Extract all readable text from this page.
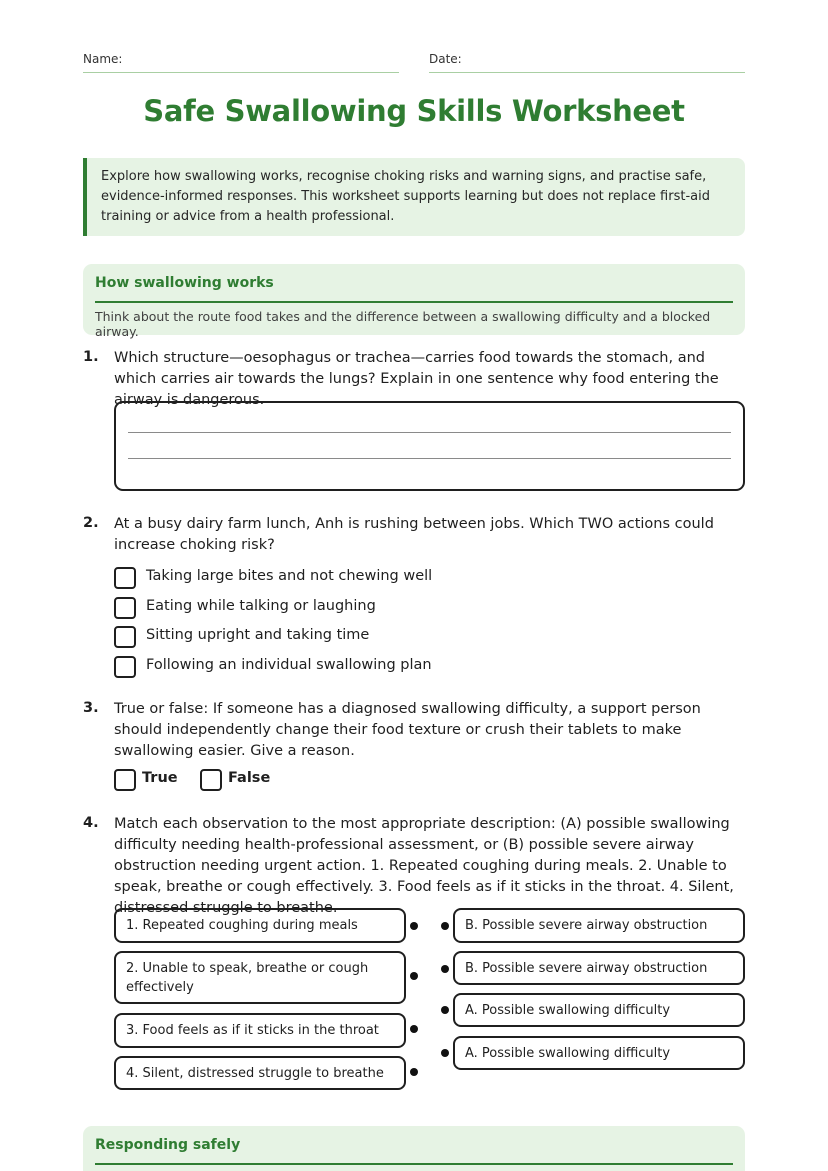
Name:	Date:
Safe Swallowing Skills Worksheet
Explore how swallowing works, recognise choking risks and warning signs, and practise safe, evidence-informed responses. This worksheet supports learning but does not replace first-aid training or advice from a health professional.
How swallowing works
Think about the route food takes and the difference between a swallowing difficulty and a blocked airway.
1. Which structure—oesophagus or trachea—carries food towards the stomach, and which carries air towards the lungs? Explain in one sentence why food entering the airway is dangerous.
2. At a busy dairy farm lunch, Anh is rushing between jobs. Which TWO actions could increase choking risk?
Taking large bites and not chewing well
Eating while talking or laughing
Sitting upright and taking time
Following an individual swallowing plan
3. True or false: If someone has a diagnosed swallowing difficulty, a support person should independently change their food texture or crush their tablets to make swallowing easier. Give a reason.
True	False
4. Match each observation to the most appropriate description: (A) possible swallowing difficulty needing health-professional assessment, or (B) possible severe airway obstruction needing urgent action. 1. Repeated coughing during meals. 2. Unable to speak, breathe or cough effectively. 3. Food feels as if it sticks in the throat. 4. Silent, distressed struggle to breathe.
1. Repeated coughing during meals
2. Unable to speak, breathe or cough effectively
3. Food feels as if it sticks in the throat
4. Silent, distressed struggle to breathe
B. Possible severe airway obstruction
B. Possible severe airway obstruction
A. Possible swallowing difficulty
A. Possible swallowing difficulty
Responding safely
